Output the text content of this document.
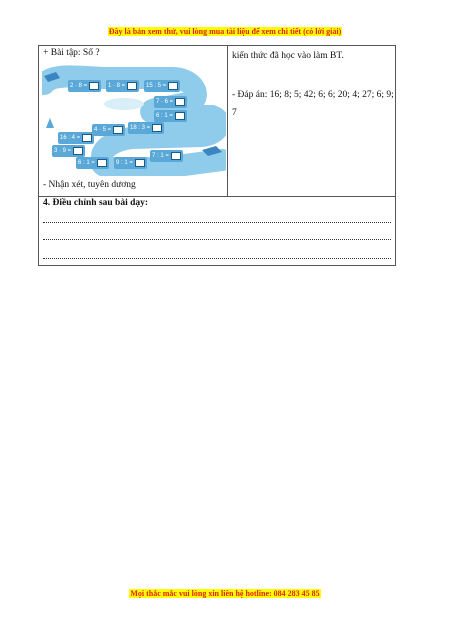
Đây là bản xem thử, vui lòng mua tài liệu để xem chi tiết (có lời giải)
+ Bài tập: Số ?
2 · 8 =	1 · 8 =	15 : 5 =
7 · 6 =
6 : 1 =
4 · 5 =	18 : 3 =
16 : 4 =
3 · 9 =
6 : 1 =	9 : 1 =
7 : 1 =
- Nhận xét, tuyên dương
kiến thức đã học vào làm BT.
- Đáp án: 16; 8; 5; 42; 6; 6; 20; 4; 27; 6; 9; 7
4. Điều chỉnh sau bài dạy:
Mọi thắc mắc vui lòng xin liên hệ hotline: 084 283 45 85
